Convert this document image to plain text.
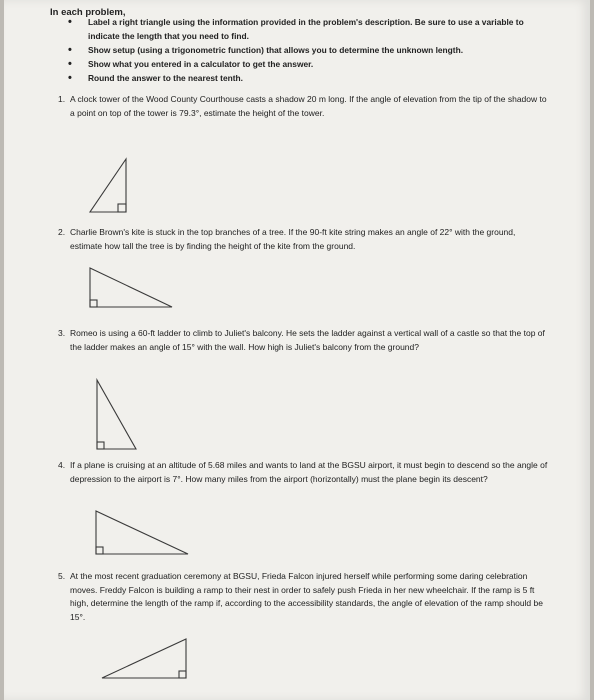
In each problem,
• Label a right triangle using the information provided in the problem's description. Be sure to use a variable to indicate the length that you need to find.
• Show setup (using a trigonometric function) that allows you to determine the unknown length.
• Show what you entered in a calculator to get the answer.
• Round the answer to the nearest tenth.
1. A clock tower of the Wood County Courthouse casts a shadow 20 m long. If the angle of elevation from the tip of the shadow to a point on top of the tower is 79.3°, estimate the height of the tower.
2. Charlie Brown's kite is stuck in the top branches of a tree. If the 90-ft kite string makes an angle of 22° with the ground, estimate how tall the tree is by finding the height of the kite from the ground.
3. Romeo is using a 60-ft ladder to climb to Juliet's balcony. He sets the ladder against a vertical wall of a castle so that the top of the ladder makes an angle of 15° with the wall. How high is Juliet's balcony from the ground?
4. If a plane is cruising at an altitude of 5.68 miles and wants to land at the BGSU airport, it must begin to descend so the angle of depression to the airport is 7°. How many miles from the airport (horizontally) must the plane begin its descent?
5. At the most recent graduation ceremony at BGSU, Frieda Falcon injured herself while performing some daring celebration moves. Freddy Falcon is building a ramp to their nest in order to safely push Frieda in her new wheelchair. If the ramp is 5 ft high, determine the length of the ramp if, according to the accessibility standards, the angle of elevation of the ramp should be 15°.
